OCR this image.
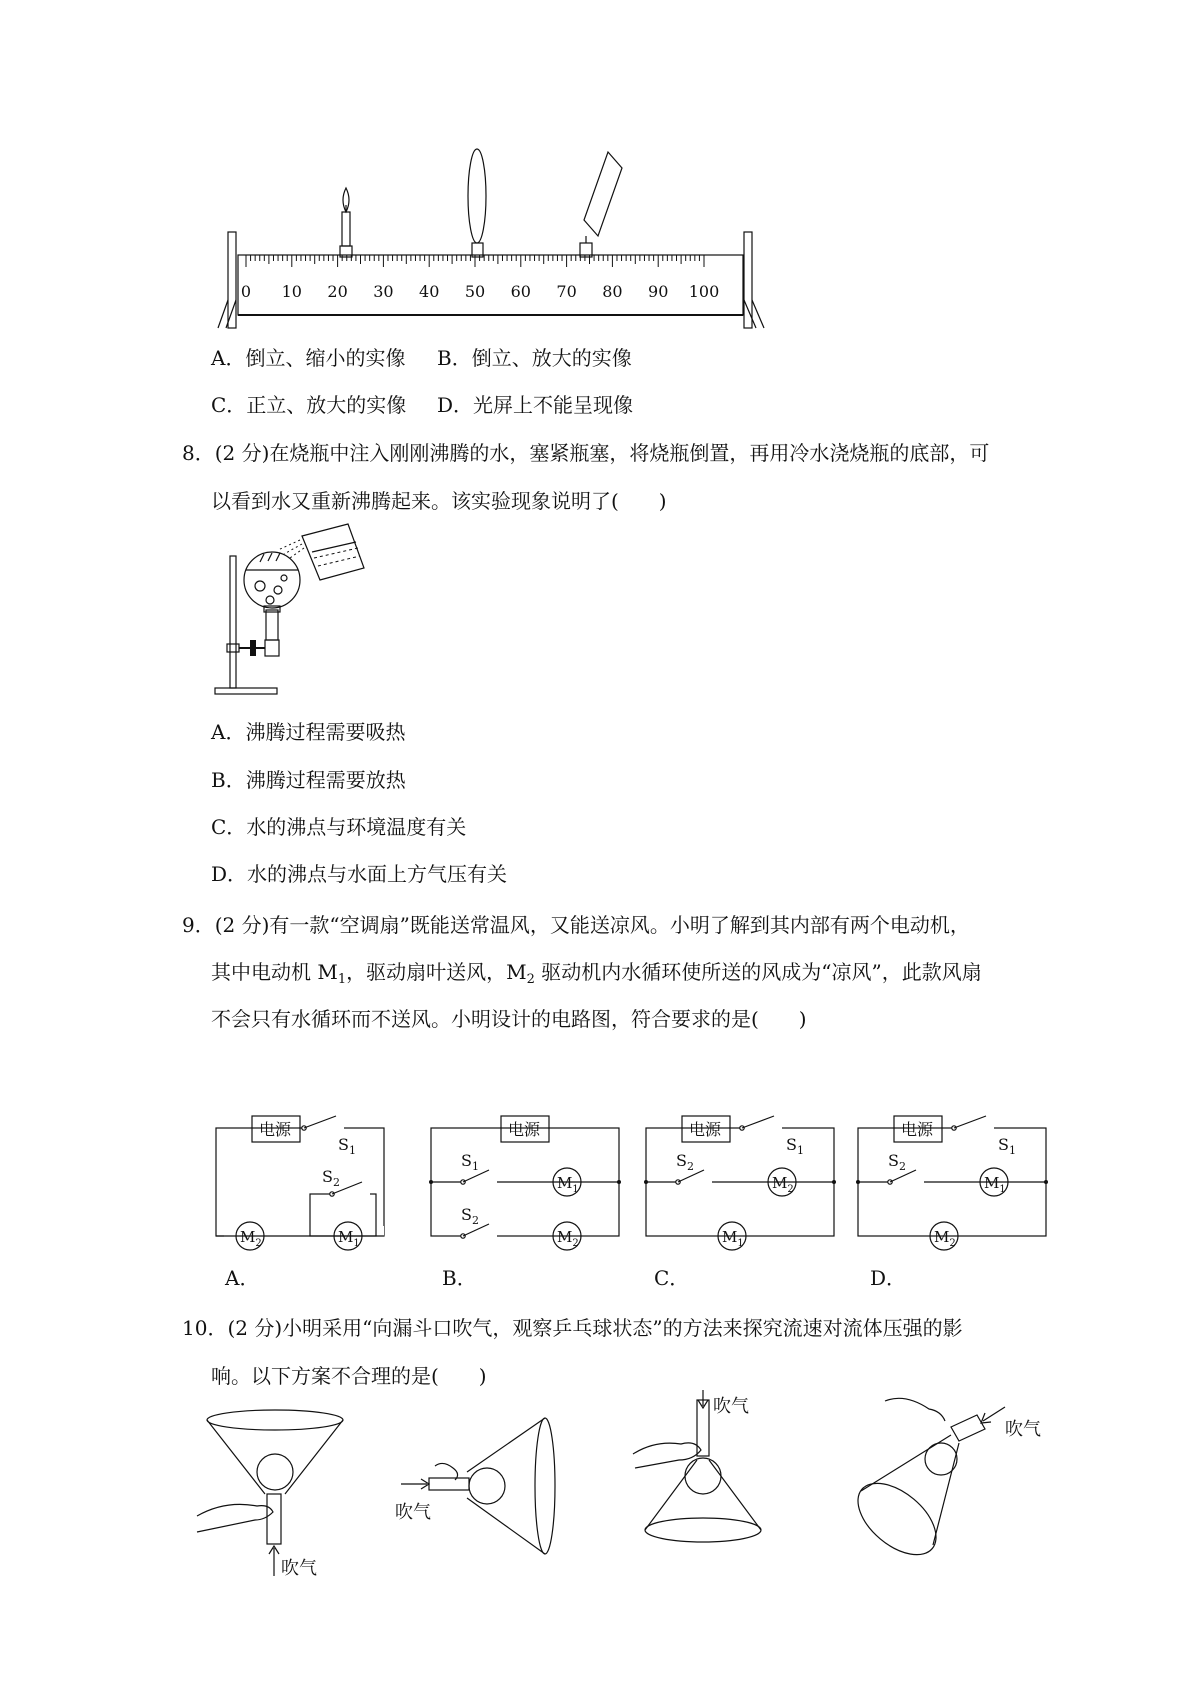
0 10 20 30 40 50 60 70 80 90 100
A．倒立、缩小的实像 B．倒立、放大的实像
C．正立、放大的实像 D．光屏上不能呈现像
8．(2 分)在烧瓶中注入刚刚沸腾的水，塞紧瓶塞，将烧瓶倒置，再用冷水浇烧瓶的底部，可
以看到水又重新沸腾起来。该实验现象说明了(　　)
A．沸腾过程需要吸热
B．沸腾过程需要放热
C．水的沸点与环境温度有关
D．水的沸点与水面上方气压有关
9．(2 分)有一款“空调扇”既能送常温风，又能送凉风。小明了解到其内部有两个电动机，
其中电动机 $M_1$，驱动扇叶送风，$M_2$ 驱动机内水循环使所送的风成为“凉风”，此款风扇
不会只有水循环而不送风。小明设计的电路图，符合要求的是(　　)
电源
$S_1$
$M_2$
$S_2$
$M_1$
电源
$S_1$
$M_1$
$S_2$
$M_2$
电源
$S_1$
$S_2$
$M_2$
$M_1$
电源
$S_1$
$S_2$
$M_1$
$M_2$
A．	B．	C．	D．
10．(2 分)小明采用“向漏斗口吹气，观察乒乓球状态”的方法来探究流速对流体压强的影
响。以下方案不合理的是(　　)
吹气
吹气
吹气
吹气
